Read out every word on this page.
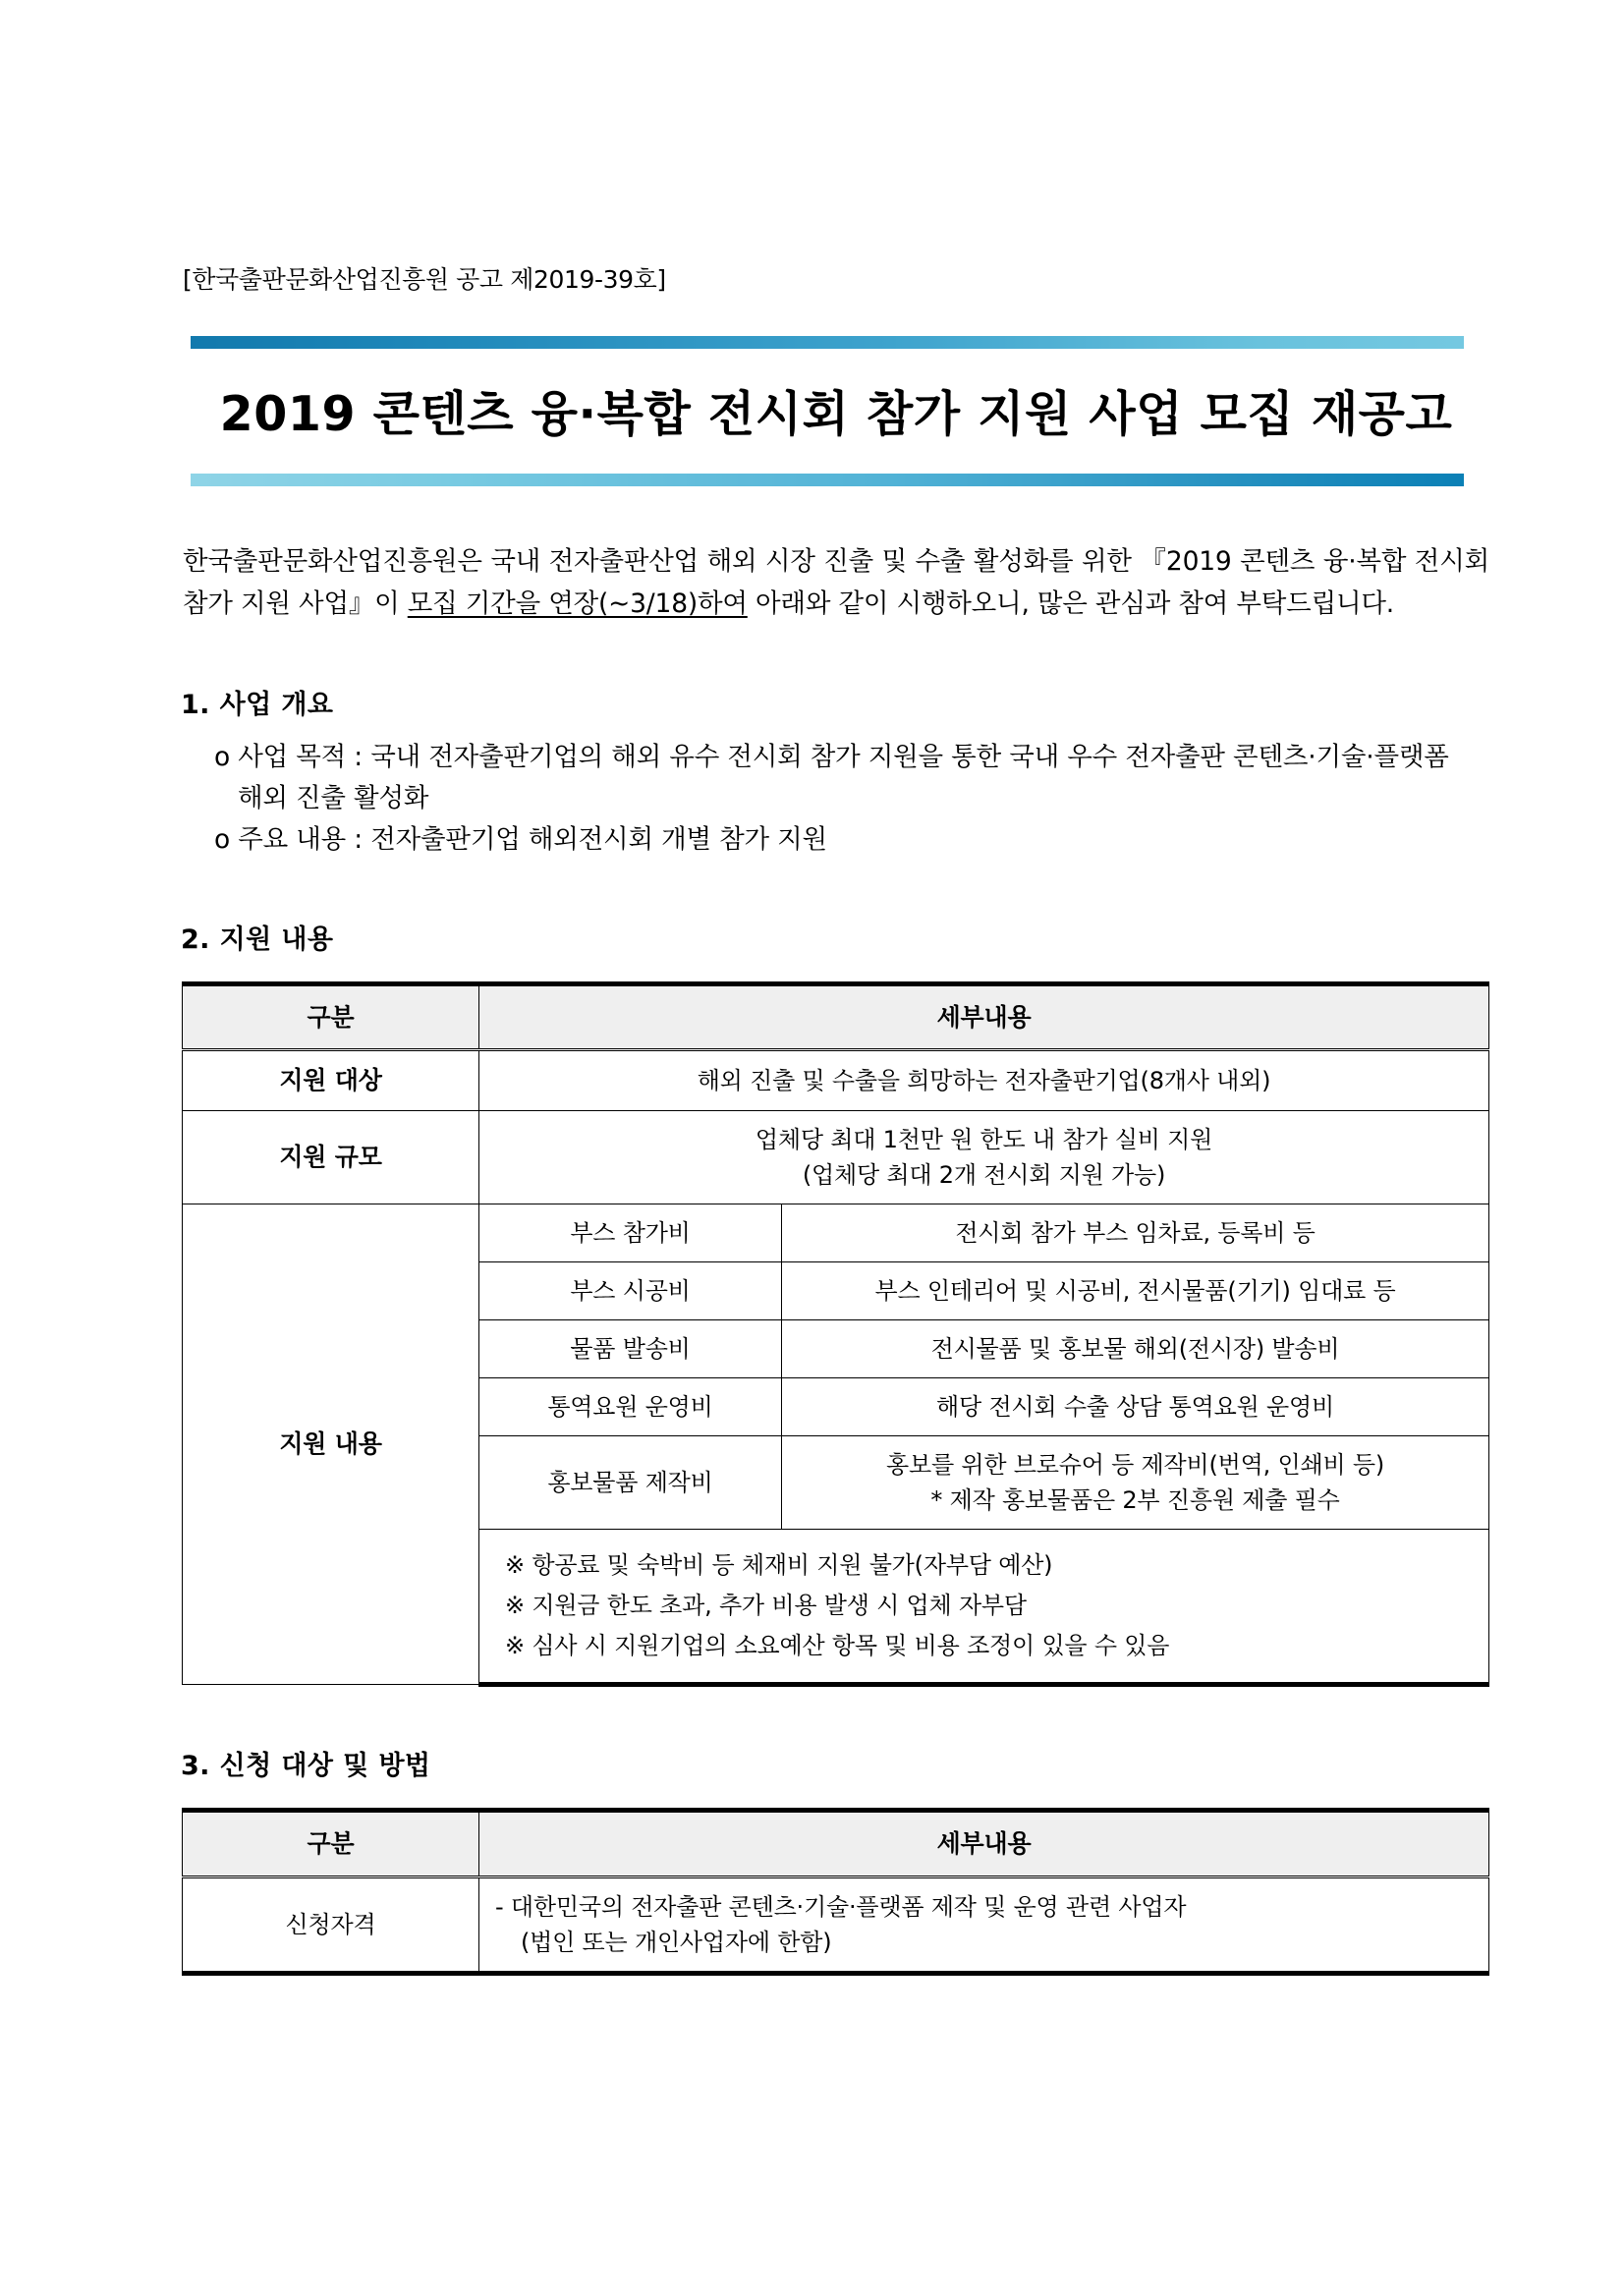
[한국출판문화산업진흥원 공고 제2019-39호]
2019 콘텐츠 융·복합 전시회 참가 지원 사업 모집 재공고
한국출판문화산업진흥원은 국내 전자출판산업 해외 시장 진출 및 수출 활성화를 위한 『2019 콘텐츠 융·복합 전시회 참가 지원 사업』이 모집 기간을 연장(~3/18)하여 아래와 같이 시행하오니, 많은 관심과 참여 부탁드립니다.
1. 사업 개요
o 사업 목적 : 국내 전자출판기업의 해외 유수 전시회 참가 지원을 통한 국내 우수 전자출판 콘텐츠·기술·플랫폼 해외 진출 활성화
o 주요 내용 : 전자출판기업 해외전시회 개별 참가 지원
2. 지원 내용
구분	세부내용	
지원 대상	해외 진출 및 수출을 희망하는 전자출판기업(8개사 내외)	
지원 규모	업체당 최대 1천만 원 한도 내 참가 실비 지원
(업체당 최대 2개 전시회 지원 가능)	

지원 내용	부스 참가비	전시회 참가 부스 임차료, 등록비 등
	부스 시공비	부스 인테리어 및 시공비, 전시물품(기기) 임대료 등
	물품 발송비	전시물품 및 홍보물 해외(전시장) 발송비
	통역요원 운영비	해당 전시회 수출 상담 통역요원 운영비
	홍보물품 제작비	홍보를 위한 브로슈어 등 제작비(번역, 인쇄비 등)
* 제작 홍보물품은 2부 진흥원 제출 필수

	※ 항공료 및 숙박비 등 체재비 지원 불가(자부담 예산)
※ 지원금 한도 초과, 추가 비용 발생 시 업체 자부담
※ 심사 시 지원기업의 소요예산 항목 및 비용 조정이 있을 수 있음	
3. 신청 대상 및 방법
구분	세부내용
신청자격	- 대한민국의 전자출판 콘텐츠·기술·플랫폼 제작 및 운영 관련 사업자
(법인 또는 개인사업자에 한함)
